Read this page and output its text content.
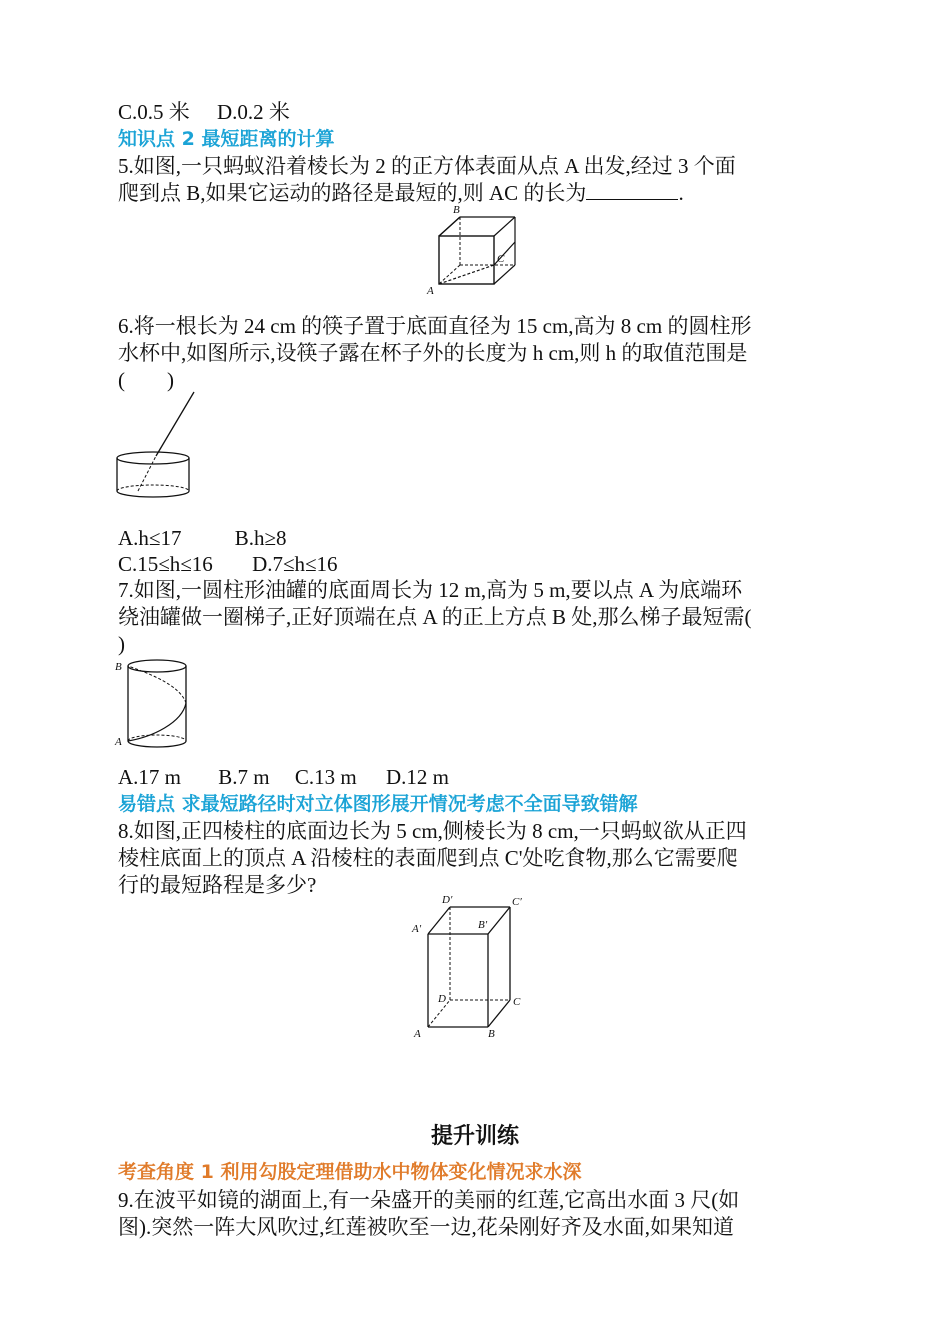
C.0.5 米 D.0.2 米
知识点 2 最短距离的计算
5.如图,一只蚂蚁沿着棱长为 2 的正方体表面从点 A 出发,经过 3 个面
爬到点 B,如果它运动的路径是最短的,则 AC 的长为	.
B
C
A
6.将一根长为 24 cm 的筷子置于底面直径为 15 cm,高为 8 cm 的圆柱形
水杯中,如图所示,设筷子露在杯子外的长度为 h cm,则 h 的取值范围是
(　　)
A.h≤17	B.h≥8
C.15≤h≤16 D.7≤h≤16
7.如图,一圆柱形油罐的底面周长为 12 m,高为 5 m,要以点 A 为底端环
绕油罐做一圈梯子,正好顶端在点 A 的正上方点 B 处,那么梯子最短需(
)
B
A
A.17 m B.7 m C.13 m D.12 m
易错点 求最短路径时对立体图形展开情况考虑不全面导致错解
8.如图,正四棱柱的底面边长为 5 cm,侧棱长为 8 cm,一只蚂蚁欲从正四
棱柱底面上的顶点 A 沿棱柱的表面爬到点 C'处吃食物,那么它需要爬
行的最短路程是多少?
D′	C′
A′	B′
D	C
A	B
提升训练
考查角度 1 利用勾股定理借助水中物体变化情况求水深
9.在波平如镜的湖面上,有一朵盛开的美丽的红莲,它高出水面 3 尺(如
图).突然一阵大风吹过,红莲被吹至一边,花朵刚好齐及水面,如果知道
